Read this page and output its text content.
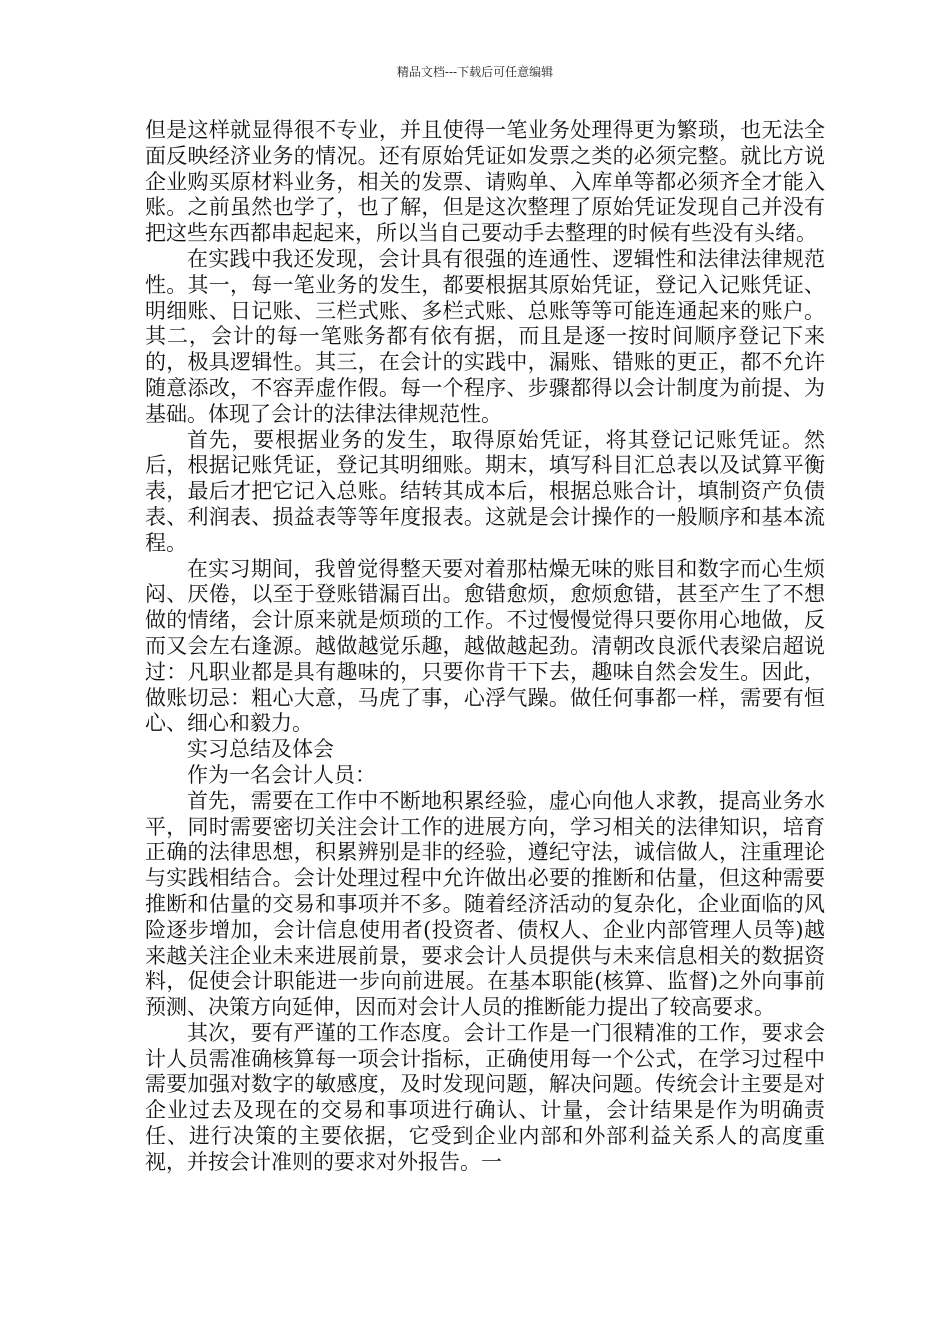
精品文档---下载后可任意编辑

但是这样就显得很不专业，并且使得一笔业务处理得更为繁琐，也无法全面反映经济业务的情况。还有原始凭证如发票之类的必须完整。就比方说企业购买原材料业务，相关的发票、请购单、入库单等都必须齐全才能入账。之前虽然也学了，也了解，但是这次整理了原始凭证发现自己并没有把这些东西都串起起来，所以当自己要动手去整理的时候有些没有头绪。

在实践中我还发现，会计具有很强的连通性、逻辑性和法律法律规范性。其一，每一笔业务的发生，都要根据其原始凭证，登记入记账凭证、明细账、日记账、三栏式账、多栏式账、总账等等可能连通起来的账户。其二，会计的每一笔账务都有依有据，而且是逐一按时间顺序登记下来的，极具逻辑性。其三，在会计的实践中，漏账、错账的更正，都不允许随意添改，不容弄虚作假。每一个程序、步骤都得以会计制度为前提、为基础。体现了会计的法律法律规范性。

首先，要根据业务的发生，取得原始凭证，将其登记记账凭证。然后，根据记账凭证，登记其明细账。期末，填写科目汇总表以及试算平衡表，最后才把它记入总账。结转其成本后，根据总账合计，填制资产负债表、利润表、损益表等等年度报表。这就是会计操作的一般顺序和基本流程。

在实习期间，我曾觉得整天要对着那枯燥无味的账目和数字而心生烦闷、厌倦，以至于登账错漏百出。愈错愈烦，愈烦愈错，甚至产生了不想做的情绪，会计原来就是烦琐的工作。不过慢慢觉得只要你用心地做，反而又会左右逢源。越做越觉乐趣，越做越起劲。清朝改良派代表梁启超说过：凡职业都是具有趣味的，只要你肯干下去，趣味自然会发生。因此，做账切忌：粗心大意，马虎了事，心浮气躁。做任何事都一样，需要有恒心、细心和毅力。

实习总结及体会

作为一名会计人员：

首先，需要在工作中不断地积累经验，虚心向他人求教，提高业务水平，同时需要密切关注会计工作的进展方向，学习相关的法律知识，培育正确的法律思想，积累辨别是非的经验，遵纪守法，诚信做人，注重理论与实践相结合。会计处理过程中允许做出必要的推断和估量，但这种需要推断和估量的交易和事项并不多。随着经济活动的复杂化，企业面临的风险逐步增加，会计信息使用者(投资者、债权人、企业内部管理人员等)越来越关注企业未来进展前景，要求会计人员提供与未来信息相关的数据资料，促使会计职能进一步向前进展。在基本职能(核算、监督)之外向事前预测、决策方向延伸，因而对会计人员的推断能力提出了较高要求。

其次，要有严谨的工作态度。会计工作是一门很精准的工作，要求会计人员需准确核算每一项会计指标，正确使用每一个公式，在学习过程中需要加强对数字的敏感度，及时发现问题，解决问题。传统会计主要是对企业过去及现在的交易和事项进行确认、计量，会计结果是作为明确责任、进行决策的主要依据，它受到企业内部和外部利益关系人的高度重视，并按会计准则的要求对外报告。一
